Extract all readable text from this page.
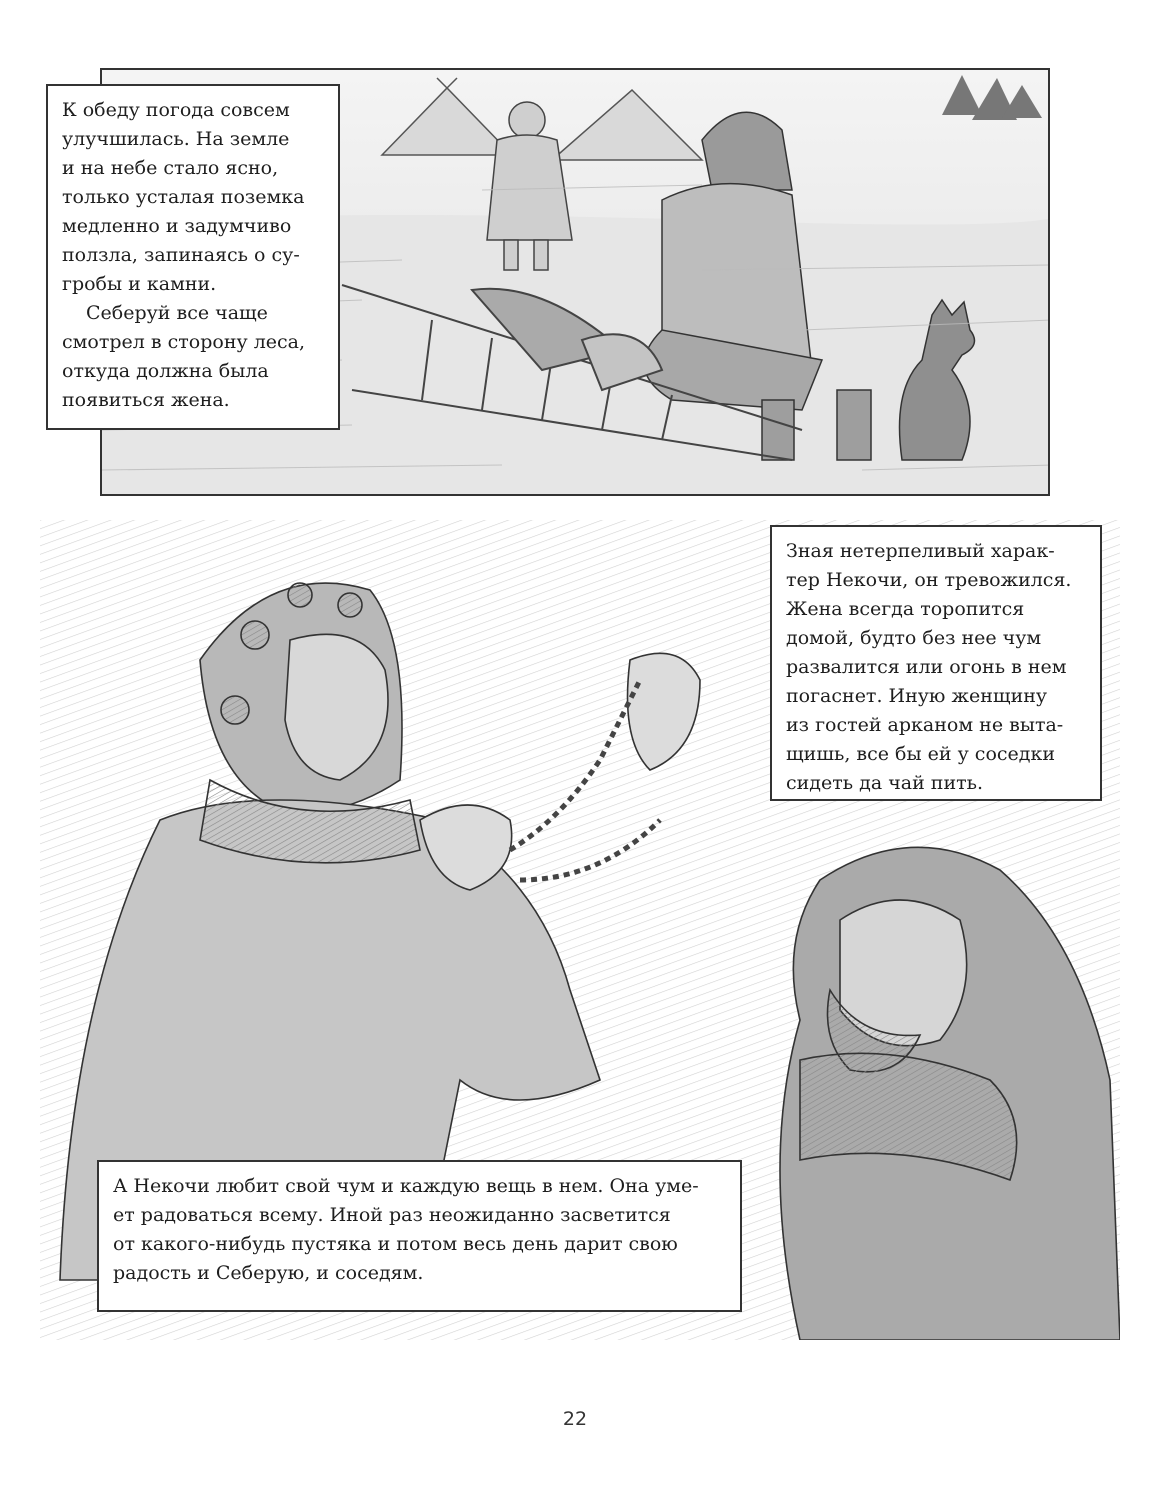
К обеду погода совсем

улучшилась. На земле

и на небе стало ясно,

только усталая поземка

медленно и задумчиво

ползла, запинаясь о су-

гробы и камни.

Себеруй все чаще

смотрел в сторону леса,

откуда должна была

появиться жена.

Зная нетерпеливый харак-

тер Некочи, он тревожился.

Жена всегда торопится

домой, будто без нее чум

развалится или огонь в нем

погаснет. Иную женщину

из гостей арканом не выта-

щишь, все бы ей у соседки

сидеть да чай пить.

А Некочи любит свой чум и каждую вещь в нем. Она уме-

ет радоваться всему. Иной раз неожиданно засветится

от какого-нибудь пустяка и потом весь день дарит свою

радость и Себерую, и соседям.

22
